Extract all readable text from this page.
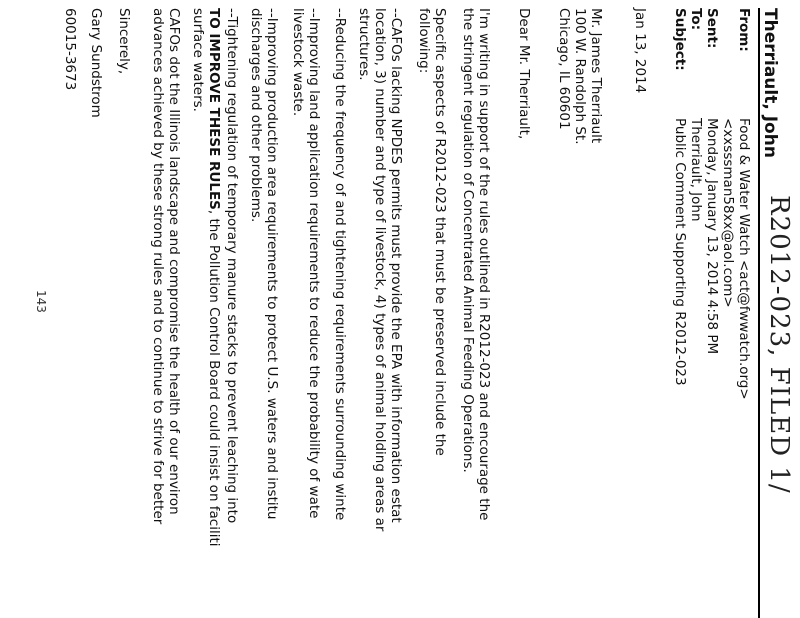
R2012-023, FILED 1/
Therriault, John
From:
Food & Water Watch <act@fwwatch.org>
<xxsssman58xx@aol.com>
Sent:
Monday, January 13, 2014 4:58 PM
To:
Therriault, John
Subject:
Public Comment Supporting R2012-023
Jan 13, 2014
Mr. James Therriault
100 W. Randolph St.
Chicago, IL 60601
Dear Mr. Therriault,
I'm writing in support of the rules outlined in R2012-023 and encourage the
the stringent regulation of Concentrated Animal Feeding Operations.
Specific aspects of R2012-023 that must be preserved include the
following:
--CAFOs lacking NPDES permits must provide the EPA with information estat
location, 3) number and type of livestock, 4) types of animal holding areas ar
structures.
--Reducing the frequency of and tightening requirements surrounding winte
--Improving land application requirements to reduce the probability of wate
livestock waste.
--Improving production area requirements to protect U.S. waters and institu
discharges and other problems.
--Tightening regulation of temporary manure stacks to prevent leaching into
TO IMPROVE THESE RULES, the Pollution Control Board could insist on faciliti
surface waters.
CAFOs dot the Illinois landscape and compromise the health of our environ
advances achieved by these strong rules and to continue to strive for better
Sincerely,
Gary Sundstrom
60015-3673
143
